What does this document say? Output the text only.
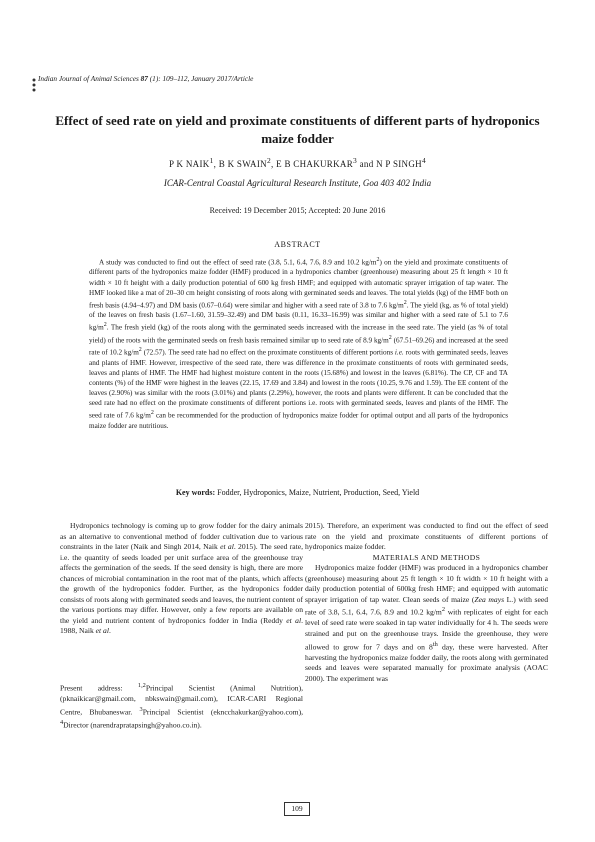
Indian Journal of Animal Sciences 87 (1): 109–112, January 2017/Article
Effect of seed rate on yield and proximate constituents of different parts of hydroponics maize fodder
P K NAIK$^1$, B K SWAIN$^2$, E B CHAKURKAR$^3$ and N P SINGH$^4$
ICAR-Central Coastal Agricultural Research Institute, Goa 403 402 India
Received: 19 December 2015; Accepted: 20 June 2016
ABSTRACT
A study was conducted to find out the effect of seed rate (3.8, 5.1, 6.4, 7.6, 8.9 and 10.2 $kg/m^2$) on the yield and proximate constituents of different parts of the hydroponics maize fodder (HMF) produced in a hydroponics chamber (greenhouse) measuring about 25 ft length × 10 ft width × 10 ft height with a daily production potential of 600 kg fresh HMF; and equipped with automatic sprayer irrigation of tap water. The HMF looked like a mat of 20–30 cm height consisting of roots along with germinated seeds and leaves. The total yields (kg) of the HMF both on fresh basis (4.94–4.97) and DM basis (0.67–0.64) were similar and higher with a seed rate of 3.8 to 7.6 $kg/m^2$. The yield (kg, as % of total yield) of the leaves on fresh basis (1.67–1.60, 31.59–32.49) and DM basis (0.11, 16.33–16.99) was similar and higher with a seed rate of 5.1 to 7.6 $kg/m^2$. The fresh yield (kg) of the roots along with the germinated seeds increased with the increase in the seed rate. The yield (as % of total yield) of the roots with the germinated seeds on fresh basis remained similar up to seed rate of 8.9 $kg/m^2$ (67.51–69.26) and increased at the seed rate of 10.2 $kg/m^2$ (72.57). The seed rate had no effect on the proximate constituents of different portions i.e. roots with germinated seeds, leaves and plants of HMF. However, irrespective of the seed rate, there was difference in the proximate constituents of roots with germinated seeds, leaves and plants of HMF. The HMF had highest moisture content in the roots (15.68%) and lowest in the leaves (6.81%). The CP, CF and TA contents (%) of the HMF were highest in the leaves (22.15, 17.69 and 3.84) and lowest in the roots (10.25, 9.76 and 1.59). The EE content of the leaves (2.90%) was similar with the roots (3.01%) and plants (2.29%), however, the roots and plants were different. It can be concluded that the seed rate had no effect on the proximate constituents of different portions i.e. roots with germinated seeds, leaves and plants of the HMF. The seed rate of 7.6 $kg/m^2$ can be recommended for the production of hydroponics maize fodder for optimal output and all parts of the hydroponics maize fodder are nutritious.
Key words: Fodder, Hydroponics, Maize, Nutrient, Production, Seed, Yield

Hydroponics technology is coming up to grow fodder for the dairy animals as an alternative to conventional method of fodder cultivation due to various constraints in the later (Naik and Singh 2014, Naik et al. 2015). The seed rate, i.e. the quantity of seeds loaded per unit surface area of the greenhouse tray affects the germination of the seeds. If the seed density is high, there are more chances of microbial contamination in the root mat of the plants, which affects the growth of the hydroponics fodder. Further, as the hydroponics fodder consists of roots along with germinated seeds and leaves, the nutrient content of the various portions may differ. However, only a few reports are available on the yield and nutrient content of hydroponics fodder in India (Reddy et al. 1988, Naik et al.

Present address: $^{1,2}$Principal Scientist (Animal Nutrition), (pknaikicar@gmail.com, nbkswain@gmail.com), ICAR-CARI Regional Centre, Bhubaneswar. $^3$Principal Scientist (ekncchakurkar@yahoo.com), $^4$Director (narendrapratapsingh@yahoo.co.in).

2015). Therefore, an experiment was conducted to find out the effect of seed rate on the yield and proximate constituents of different portions of hydroponics maize fodder.

MATERIALS AND METHODS

Hydroponics maize fodder (HMF) was produced in a hydroponics chamber (greenhouse) measuring about 25 ft length × 10 ft width × 10 ft height with a daily production potential of 600kg fresh HMF; and equipped with automatic sprayer irrigation of tap water. Clean seeds of maize (Zea mays L.) with seed rate of 3.8, 5.1, 6.4, 7.6, 8.9 and 10.2 $kg/m^2$ with replicates of eight for each level of seed rate were soaked in tap water individually for 4 h. The seeds were strained and put on the greenhouse trays. Inside the greenhouse, they were allowed to grow for 7 days and on 8th day, these were harvested. After harvesting the hydroponics maize fodder daily, the roots along with germinated seeds and leaves were separated manually for proximate analysis (AOAC 2000). The experiment was

109
